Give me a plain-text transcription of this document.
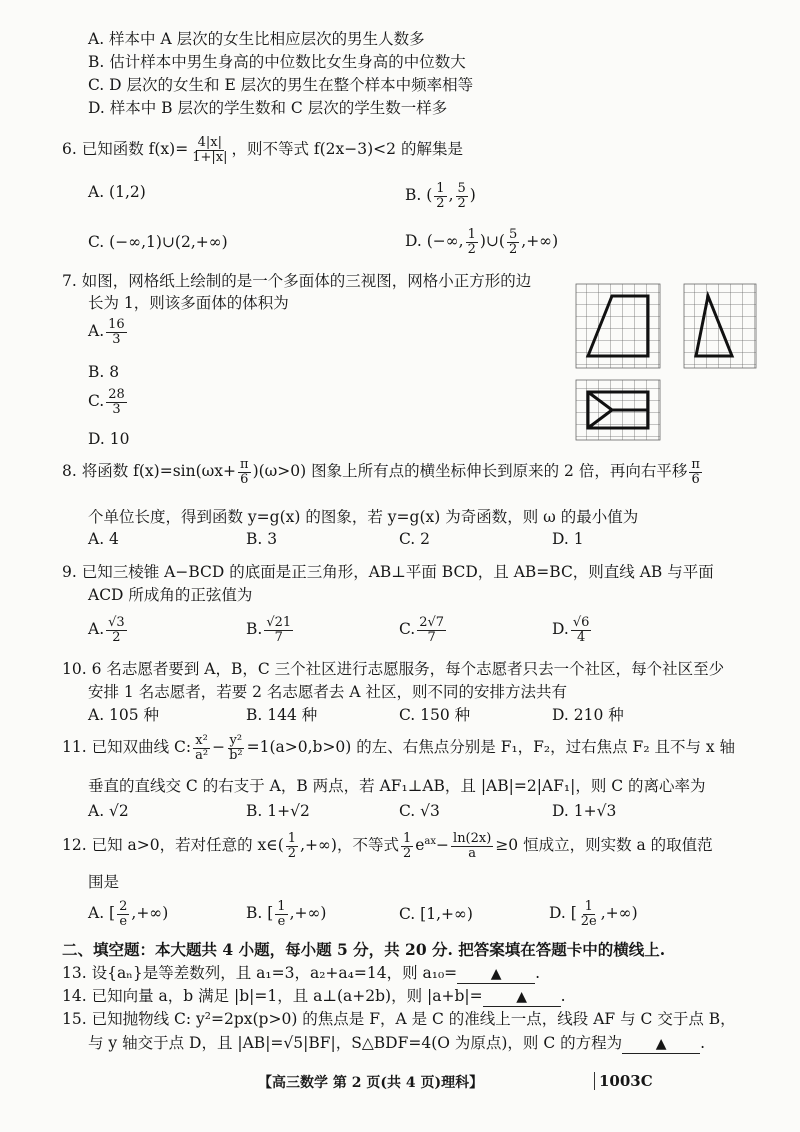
A. 样本中 A 层次的女生比相应层次的男生人数多
B. 估计样本中男生身高的中位数比女生身高的中位数大
C. D 层次的女生和 E 层次的男生在整个样本中频率相等
D. 样本中 B 层次的学生数和 C 层次的学生数一样多
6. 已知函数 $f(x)= \frac{4|x|}{1+|x|}$ ，则不等式 f(2x−3)<2 的解集是
A. (1,2)	B. ( $\frac{1}{2}$ , $\frac{5}{2}$ )
C. (−∞,1)∪(2,+∞)	D. (−∞, $\frac{1}{2}$ )∪( $\frac{5}{2}$ ,+∞)
7. 如图，网格纸上绘制的是一个多面体的三视图，网格小正方形的边
长为 1，则该多面体的体积为
A. $\frac{16}{3}$
B. 8
C. $\frac{28}{3}$
D. 10
8. 将函数 $f(x)=\sin(\omega x+ \frac{\pi}{6} )(\omega>0)$ 图象上所有点的横坐标伸长到原来的 2 倍，再向右平移 $\frac{\pi}{6}$
个单位长度，得到函数 y=g(x) 的图象，若 y=g(x) 为奇函数，则 ω 的最小值为
A. 4	B. 3	C. 2	D. 1
9. 已知三棱锥 A−BCD 的底面是正三角形，AB⊥平面 BCD，且 AB=BC，则直线 AB 与平面
ACD 所成角的正弦值为
A. $\frac{√3}{2}$	B. $\frac{√21}{7}$	C. $\frac{2√7}{7}$	D. $\frac{√6}{4}$
10. 6 名志愿者要到 A，B，C 三个社区进行志愿服务，每个志愿者只去一个社区，每个社区至少
安排 1 名志愿者，若要 2 名志愿者去 A 社区，则不同的安排方法共有
A. 105 种	B. 144 种	C. 150 种	D. 210 种
11. 已知双曲线 C: $\frac{\text{x²}}{\text{a²}} - \frac{\text{y²}}{\text{b²}} =1(a>0,b>0)$ 的左、右焦点分别是 F₁，F₂，过右焦点 F₂ 且不与 x 轴
垂直的直线交 C 的右支于 A，B 两点，若 AF₁⊥AB，且 |AB|=2|AF₁|，则 C 的离心率为
A. √2	B. 1+√2	C. √3	D. 1+√3
12. 已知 a>0，若对任意的 x∈( $\frac{1}{2}$ ,+∞)，不等式 $\frac{1}{2} e^{ax}- \frac{\ln(2x)}{a} \ge 0$ 恒成立，则实数 a 的取值范
围是
A. [ $\frac{2}{e}$ ,+∞)	B. [ $\frac{1}{e}$ ,+∞)	C. [1,+∞)	D. [ $\frac{1}{2e}$ ,+∞)
二、填空题：本大题共 4 小题，每小题 5 分，共 20 分. 把答案填在答题卡中的横线上.
13. 设{aₙ}是等差数列，且 a₁=3，a₂+a₄=14，则 a₁₀= ▲ .
14. 已知向量 a，b 满足 |b|=1，且 a⊥(a+2b)，则 |a+b|= ▲ .
15. 已知抛物线 C: y²=2px(p>0) 的焦点是 F，A 是 C 的准线上一点，线段 AF 与 C 交于点 B，
与 y 轴交于点 D，且 |AB|=√5|BF|，S△BDF=4(O 为原点)，则 C 的方程为 ▲ .
【高三数学 第 2 页(共 4 页)理科】	1003C
